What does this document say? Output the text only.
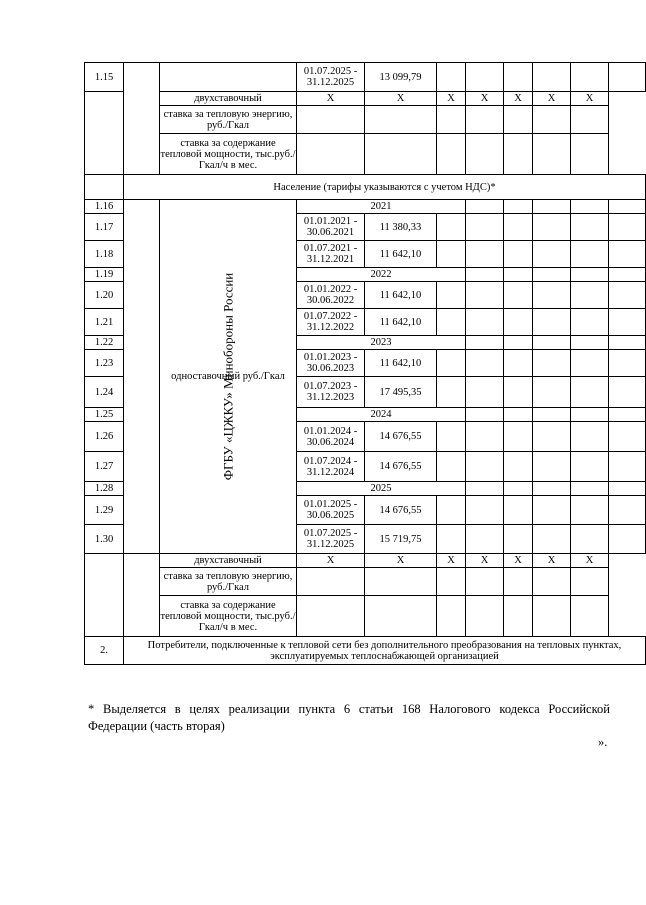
1.15			01.07.2025 - 31.12.2025	13 099,79						
		двухставочный	X	X	X	X	X	X	X	
		ставка за тепловую энергию, руб./Гкал								
		ставка за содержание тепловой мощности, тыс.руб./Гкал/ч в мес.								
	Население (тарифы указываются с учетом НДС)*									
1.16	ФГБУ «ЦЖКУ» Минобороны России	одноставочный руб./Гкал	2021							
1.17			01.01.2021 - 30.06.2021	11 380,33						
1.18			01.07.2021 - 31.12.2021	11 642,10						
1.19			2022							
1.20			01.01.2022 - 30.06.2022	11 642,10						
1.21			01.07.2022 - 31.12.2022	11 642,10						
1.22			2023							
1.23			01.01.2023 - 30.06.2023	11 642,10						
1.24			01.07.2023 - 31.12.2023	17 495,35						
1.25			2024							
1.26			01.01.2024 - 30.06.2024	14 676,55						
1.27			01.07.2024 - 31.12.2024	14 676,55						
1.28			2025							
1.29			01.01.2025 - 30.06.2025	14 676,55						
1.30			01.07.2025 - 31.12.2025	15 719,75						
		двухставочный	X	X	X	X	X	X	X	
		ставка за тепловую энергию, руб./Гкал								
		ставка за содержание тепловой мощности, тыс.руб./Гкал/ч в мес.								
2.	Потребители, подключенные к тепловой сети без дополнительного преобразования на тепловых пунктах, эксплуатируемых теплоснабжающей организацией									
* Выделяется в целях реализации пункта 6 статьи 168 Налогового кодекса Российской Федерации (часть вторая)
».
